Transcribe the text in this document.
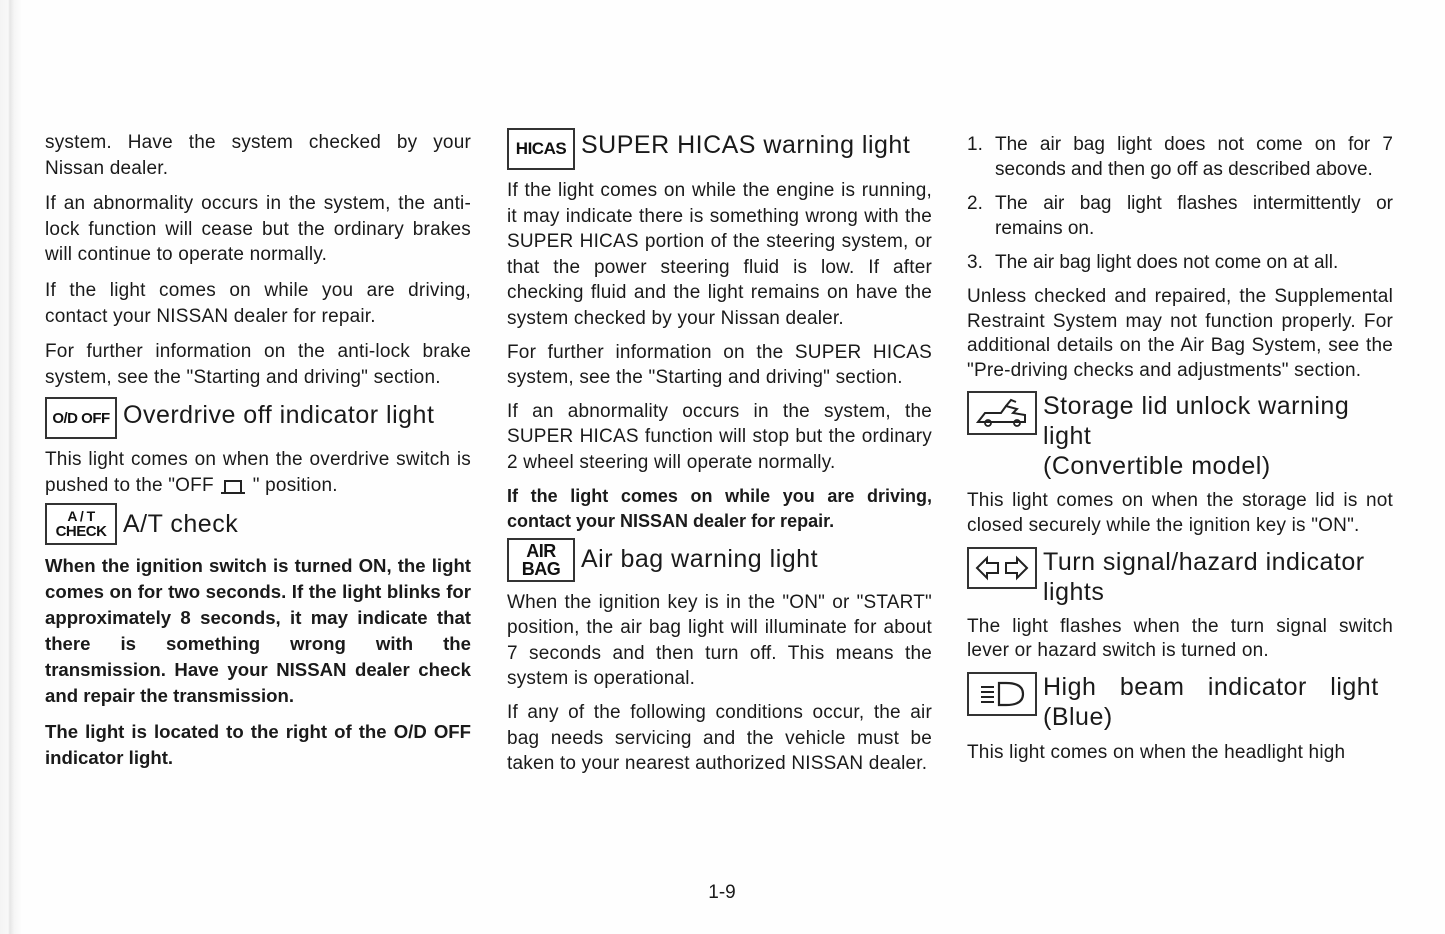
system. Have the system checked by your Nissan dealer.

If an abnormality occurs in the system, the anti-lock function will cease but the ordinary brakes will continue to operate normally.

If the light comes on while you are driving, contact your NISSAN dealer for repair.

For further information on the anti-lock brake system, see the "Starting and driving" section.

O/D OFF Overdrive off indicator light

This light comes on when the overdrive switch is pushed to the "OFF " position.

A / T
CHECK A/T check

When the ignition switch is turned ON, the light comes on for two seconds. If the light blinks for approximately 8 seconds, it may indicate that there is something wrong with the transmission. Have your NISSAN dealer check and repair the transmission.

The light is located to the right of the O/D OFF indicator light.

HICAS SUPER HICAS warning light

If the light comes on while the engine is running, it may indicate there is something wrong with the SUPER HICAS portion of the steering system, or that the power steering fluid is low. If after checking fluid and the light remains on have the system checked by your Nissan dealer.

For further information on the SUPER HICAS system, see the "Starting and driving" section.

If an abnormality occurs in the system, the SUPER HICAS function will stop but the ordinary 2 wheel steering will operate normally.

If the light comes on while you are driving, contact your NISSAN dealer for repair.

AIR
BAG Air bag warning light

When the ignition key is in the "ON" or "START" position, the air bag light will illuminate for about 7 seconds and then turn off. This means the system is operational.

If any of the following conditions occur, the air bag needs servicing and the vehicle must be taken to your nearest authorized NISSAN dealer.

1. The air bag light does not come on for 7 seconds and then go off as described above.
2. The air bag light flashes intermittently or remains on.
3. The air bag light does not come on at all.

Unless checked and repaired, the Supplemental Restraint System may not function properly. For additional details on the Air Bag System, see the "Pre-driving checks and adjustments" section.

Storage lid unlock warning light
(Convertible model)

This light comes on when the storage lid is not closed securely while the ignition key is "ON".

Turn signal/hazard indicator lights

The light flashes when the turn signal switch lever or hazard switch is turned on.

High beam indicator light
(Blue)

This light comes on when the headlight high

1-9
